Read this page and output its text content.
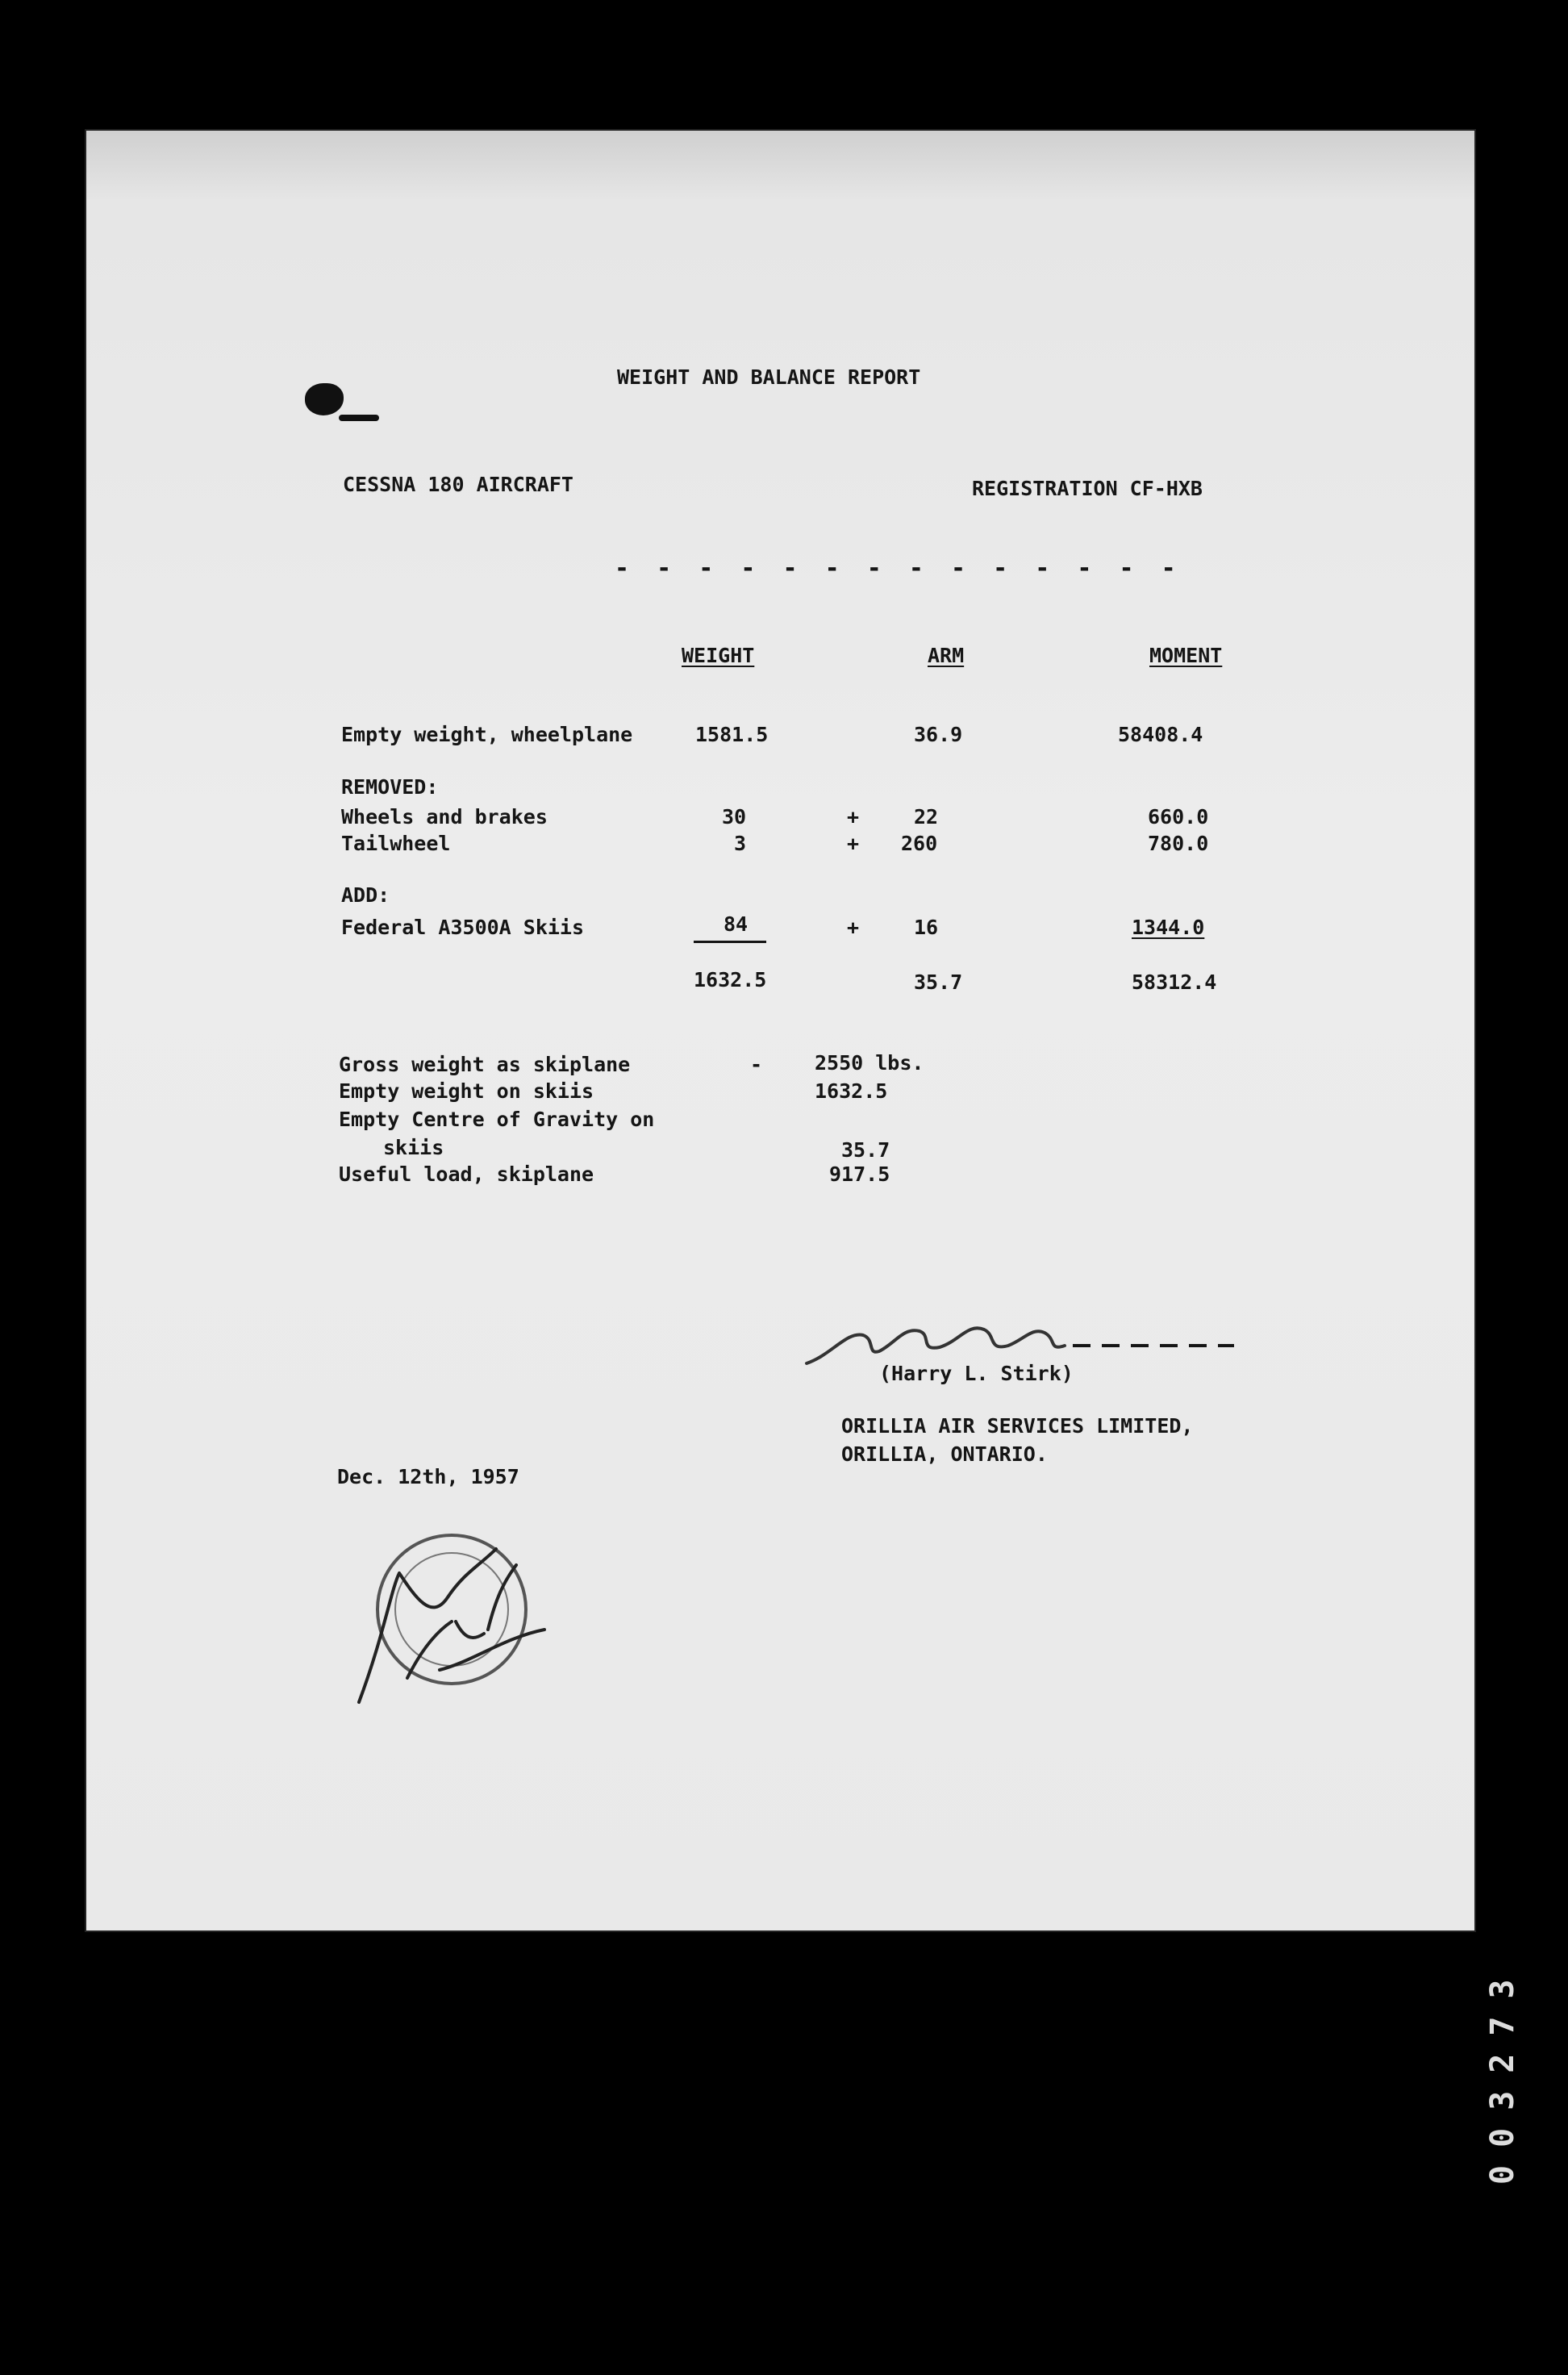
WEIGHT AND BALANCE REPORT

CESSNA 180 AIRCRAFT	REGISTRATION CF-HXB

- - - - - - - - - - - - - -

WEIGHT	ARM	MOMENT

Empty weight, wheelplane	1581.5	36.9	58408.4

REMOVED:

Wheels and brakes	30	+	22	660.0

Tailwheel	3	+ 260	780.0

ADD:

Federal A3500A Skiis	84	+	16	1344.0

1632.5	35.7	58312.4

Gross weight as skiplane	-	2550 lbs.

Empty weight on skiis	1632.5

Empty Centre of Gravity on

skiis	35.7

Useful load, skiplane	917.5

(Harry L. Stirk)

ORILLIA AIR SERVICES LIMITED,

ORILLIA, ONTARIO.

Dec. 12th, 1957

003273
